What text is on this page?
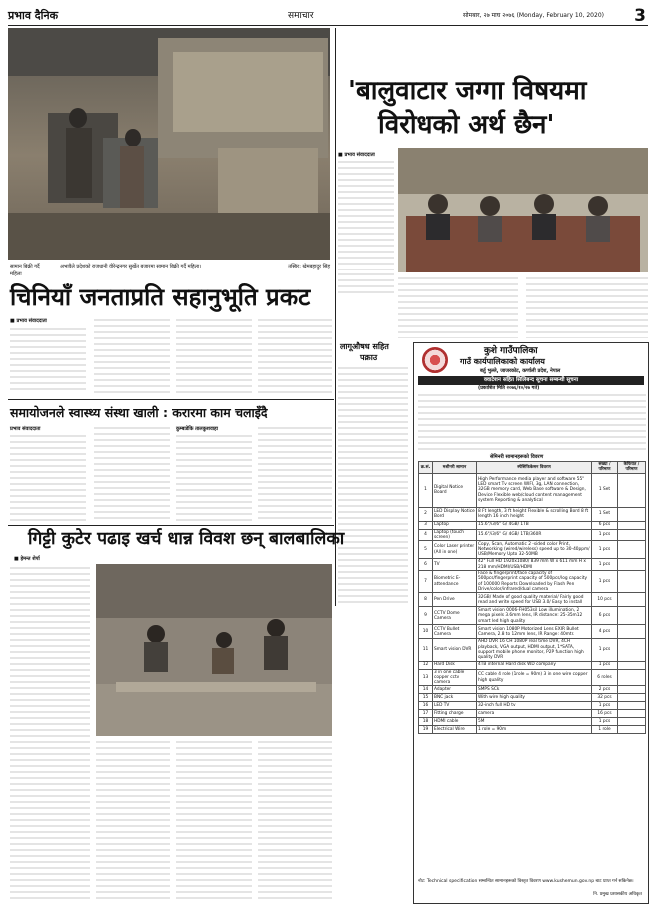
प्रभाव दैनिक	समाचार	सोमबार, २७ माघ २०७६ (Monday, February 10, 2020) 3
सामान बिक्री गर्दै महिला
अभावैले प्रदेशको राजधानी वीरेन्द्रनगर सुर्खेत बजारमा सामान बिक्री गर्दै महिला।	तस्बिर: खेमबहादुर सिंह
'बालुवाटार जग्गा विषयमा
विरोधको अर्थ छैन'
■ प्रभाव संवाददाता
चिनियाँ जनताप्रति सहानुभूति प्रकट
■ प्रभाव संवाददाता
समायोजनले स्वास्थ्य संस्था खाली : करारमा काम चलाइँदै
प्रभाव संवाददाता	कुम्बाडेकि तालकुशवाहा
लागूऔषध सहित
पक्राउ
गिट्टी कुटेर पढाइ खर्च धान्न विवश छन् बालबालिका
■ हेमन्त शेर्पा
कुशे गाउँपालिका
गाउँ कार्यपालिकाको कार्यालय
बर्तु भुल्ले, जाजरकोट, कर्णाली प्रदेश, नेपाल
क्वाटेशन सहित सिलिबन्द सूचना सम्बन्धी सूचना
(प्रकाशित मिति २०७६/१०/२७ गते)
सेमिनरी सामानहरूको विवरण
क्र.सं.	मशीनरी सामान	स्पेसिफिकेसन विवरण	संख्या / परिमाण	कैफियत / परिमाण
1	Digital Notice Board	High Performance media player and software 55" LED smart Tv screen WIFI, 3g, LAN connection, 32GB memory card, Web Base software & Design, Device Flexible web/cloud content management system Reporting & analytical	1 Set	
2	LED Display Notice Bord	8 Ft length, 3 ft height Flexible & scrolling Bord 8 ft length 16 inch height	1 Set	
3	Laptop	15.6"/i3/6" G/ 4GB/ 1TB	6 pcs	
4	Laptop (touch screen)	15.6"/i3/6" G/ 4GB/ 1TB/360R	1 pcs	
5	Color Laser printer (All in one)	Copy, Scan, Automatic 2 -sided color Print, Networking (wired/wireless) speed up to 30-40ppm/ USB/Memory Upto 32-50MB	1 pcs	
6	TV	42" Full HD 1920x1080/ 839 mm W x 611 mm H x 218 mm/HDMI/USB/HDMI	1 pcs	
7	Biometric E-attendance	Face & fingerprint/face capacity of 500pcs/fingerprint capacity of 500pcs/log capacity of 100000 Reports Downloaded by Flash Pen Drive/color/infrared/dual camera	1 pcs	
8	Pen Drive	32GB/ Made of good quality material/ Fairly good read and write speed for USB 3.0/ Easy to install	10 pcs	
9	CCTV Dome Camera	Smart vision 0006-FH053sil Low illumination, 2 mega pixels 3.6mm lens, IR distance: 25-35m12 smart led high quality	6 pcs	
10	CCTV Bullet Camera	Smart vision 1080P Motorized Lens EXIR Bullet Camera, 2.8 to 12mm lens, IR Range: 40mtr.	4 pcs	
11	Smart vision DVR	AHD DVR 16 CH 1080P real time DVR, 4CH playback, VGA output, HDMI output, 1*SATA, support mobile phone monitor, P2P function high quality DVR	1 pcs	
12	Hard Disk	4TB internal Hard disk WD company	1 pcs	
13	3 in one cable copper cctv camera	CC cable 4 role (1role = 90m) 3 in one wire copper high quality	6 roles	
14	Adapter	SMPS SCk	2 pcs	
15	BNC jack	With wire high quality	32 pcs	
16	LED TV	32-inch full HD tv	1 pcs	
17	Fitting charge	camera	16 pcs	
18	HDMI cable	5M	1 pcs	
19	Electrical Wire	1 role = 90m	1 role	
नोट: Technical specification सम्बन्धित सामानहरूको विस्तृत विवरण www.kushemun.gov.np बाट प्राप्त गर्न सकिनेछ।
नि. प्रमुख प्रशासकीय अधिकृत
